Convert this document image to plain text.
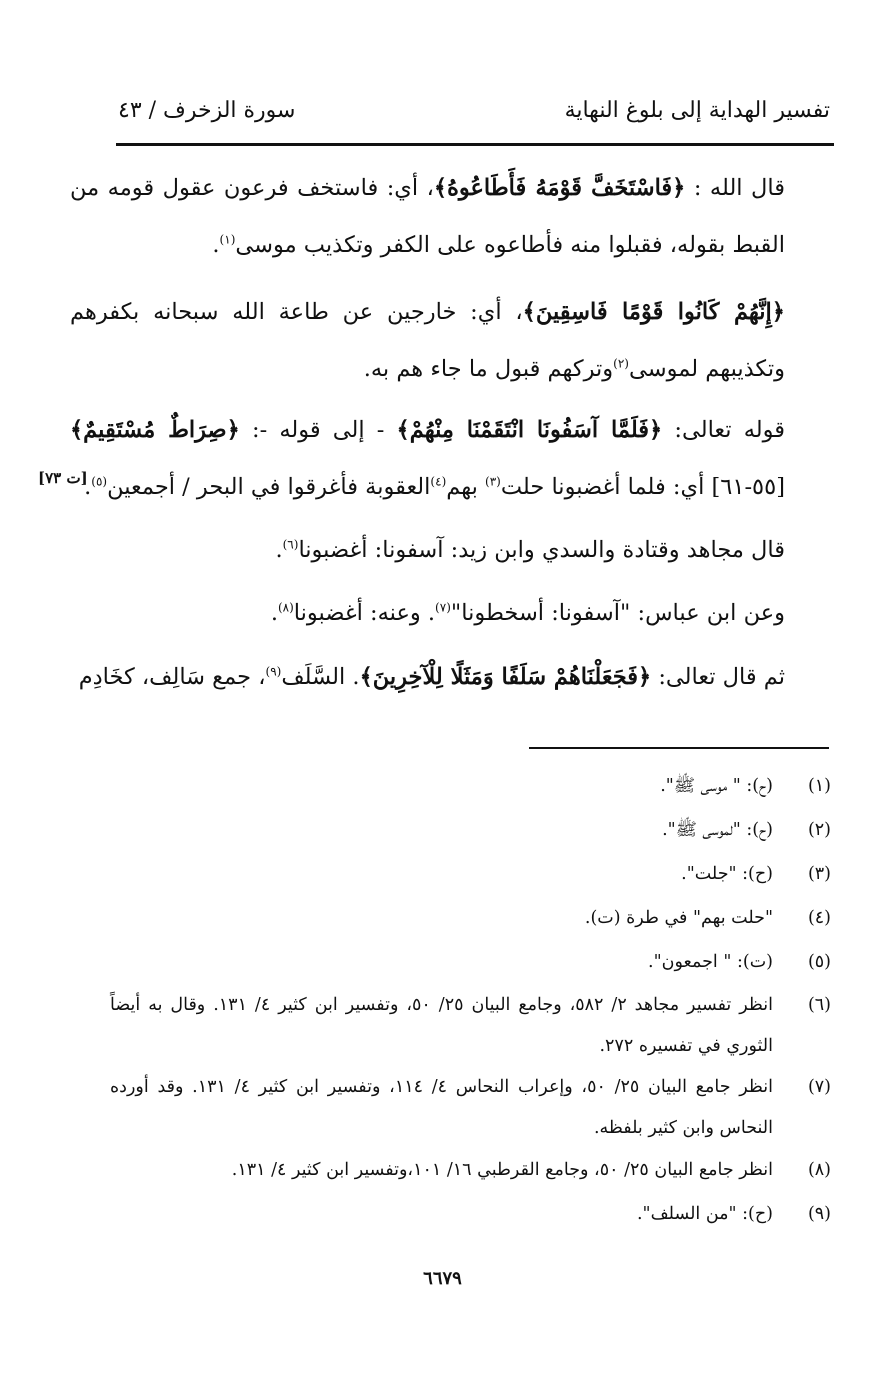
تفسير الهداية إلى بلوغ النهاية
سورة الزخرف / ٤٣
قال الله : ﴿فَاسْتَخَفَّ قَوْمَهُ فَأَطَاعُوهُ﴾، أي: فاستخف فرعون عقول قومه من القبط بقوله، فقبلوا منه فأطاعوه على الكفر وتكذيب موسى$^{(١)}$.
﴿إِنَّهُمْ كَانُوا قَوْمًا فَاسِقِينَ﴾، أي: خارجين عن طاعة الله سبحانه بكفرهم وتكذيبهم لموسى$^{(٢)}$وتركهم قبول ما جاء هم به.
قوله تعالى: ﴿فَلَمَّا آسَفُونَا انْتَقَمْنَا مِنْهُمْ﴾ - إلى قوله -: ﴿صِرَاطٌ مُسْتَقِيمٌ﴾ [٥٥-٦١] أي: فلما أغضبونا حلت$^{(٣)}$ بهم$^{(٤)}$العقوبة فأغرقوا في البحر / أجمعين$^{(٥)}$.
قال مجاهد وقتادة والسدي وابن زيد: آسفونا: أغضبونا$^{(٦)}$.
وعن ابن عباس: "آسفونا: أسخطونا"$^{(٧)}$. وعنه: أغضبونا$^{(٨)}$.
ثم قال تعالى: ﴿فَجَعَلْنَاهُمْ سَلَفًا وَمَثَلًا لِلْآخِرِينَ﴾. السَّلَف$^{(٩)}$، جمع سَالِف، كخَادِم
[ت ٧٣]
(١)
(ح): " موسى ﷺ".
(٢)
(ح): "لموسى ﷺ".
(٣)
(ح): "جلت".
(٤)
"حلت بهم" في طرة (ت).
(٥)
(ت): " اجمعون".
(٦)
انظر تفسير مجاهد ٢/ ٥٨٢، وجامع البيان ٢٥/ ٥٠، وتفسير ابن كثير ٤/ ١٣١. وقال به أيضاً الثوري في تفسيره ٢٧٢.
(٧)
انظر جامع البيان ٢٥/ ٥٠، وإعراب النحاس ٤/ ١١٤، وتفسير ابن كثير ٤/ ١٣١. وقد أورده النحاس وابن كثير بلفظه.
(٨)
انظر جامع البيان ٢٥/ ٥٠، وجامع القرطبي ١٦/ ١٠١،وتفسير ابن كثير ٤/ ١٣١.
(٩)
(ح): "من السلف".
٦٦٧٩
